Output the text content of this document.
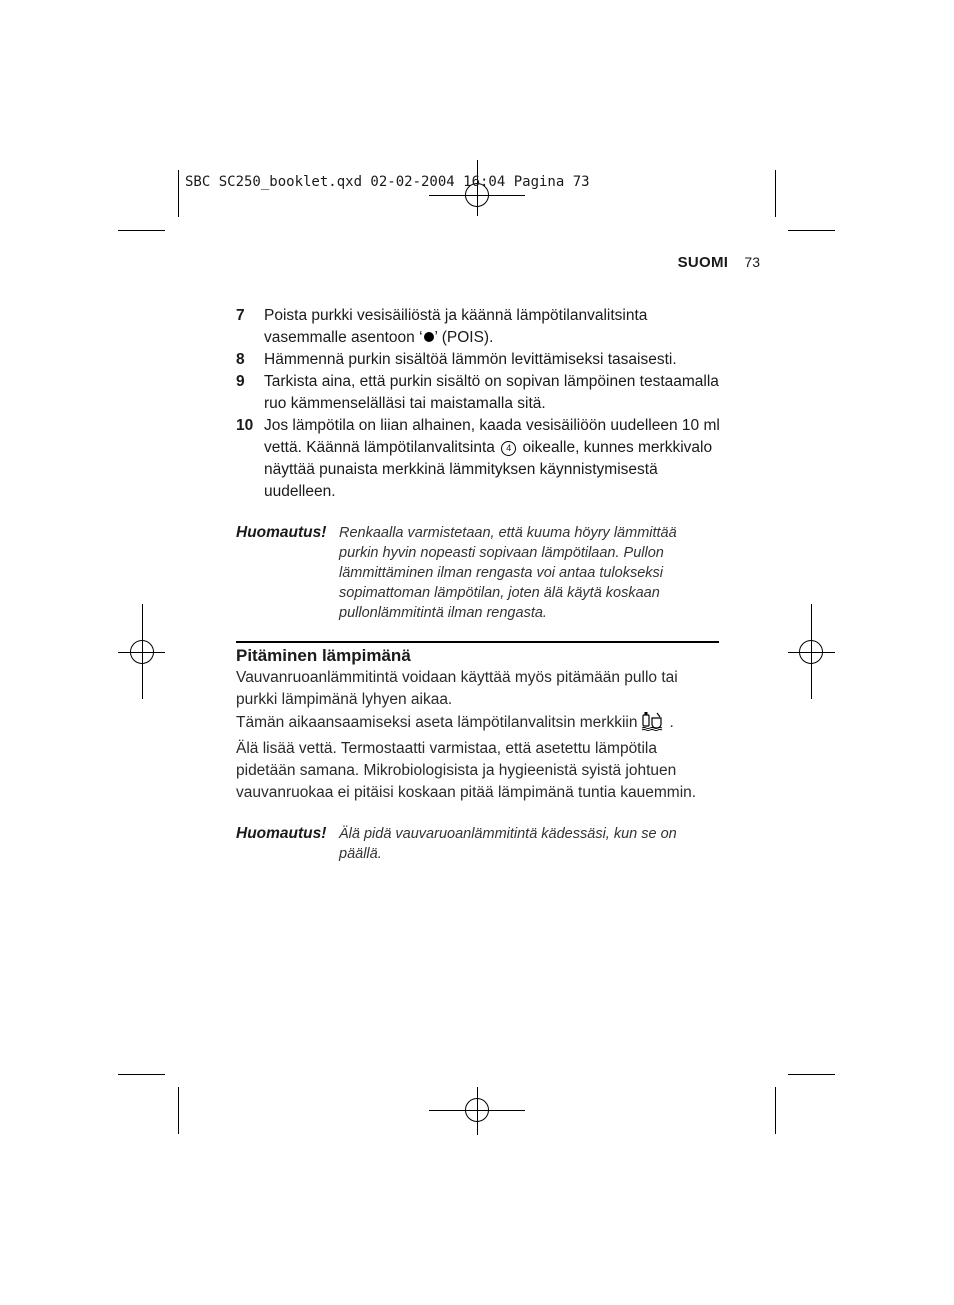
SBC SC250_booklet.qxd 02-02-2004 16:04 Pagina 73
SUOMI 73
7	Poista purkki vesisäiliöstä ja käännä lämpötilanvalitsinta vasemmalle asentoon ‘ ’ (POIS).
8	Hämmennä purkin sisältöä lämmön levittämiseksi tasaisesti.
9	Tarkista aina, että purkin sisältö on sopivan lämpöinen testaamalla ruo kämmenselälläsi tai maistamalla sitä.
10 Jos lämpötila on liian alhainen, kaada vesisäiliöön uudelleen 10 ml vettä. Käännä lämpötilanvalitsinta 4 oikealle, kunnes merkkivalo näyttää punaista merkkinä lämmityksen käynnistymisestä uudelleen.
Huomautus! Renkaalla varmistetaan, että kuuma höyry lämmittää purkin hyvin nopeasti sopivaan lämpötilaan. Pullon lämmittäminen ilman rengasta voi antaa tulokseksi sopimattoman lämpötilan, joten älä käytä koskaan pullonlämmitintä ilman rengasta.
Pitäminen lämpimänä
Vauvanruoanlämmitintä voidaan käyttää myös pitämään pullo tai purkki lämpimänä lyhyen aikaa.
Tämän aikaansaamiseksi aseta lämpötilanvalitsin merkkiin .
Älä lisää vettä. Termostaatti varmistaa, että asetettu lämpötila pidetään samana. Mikrobiologisista ja hygieenistä syistä johtuen vauvanruokaa ei pitäisi koskaan pitää lämpimänä tuntia kauemmin.
Huomautus! Älä pidä vauvaruoanlämmitintä kädessäsi, kun se on päällä.
